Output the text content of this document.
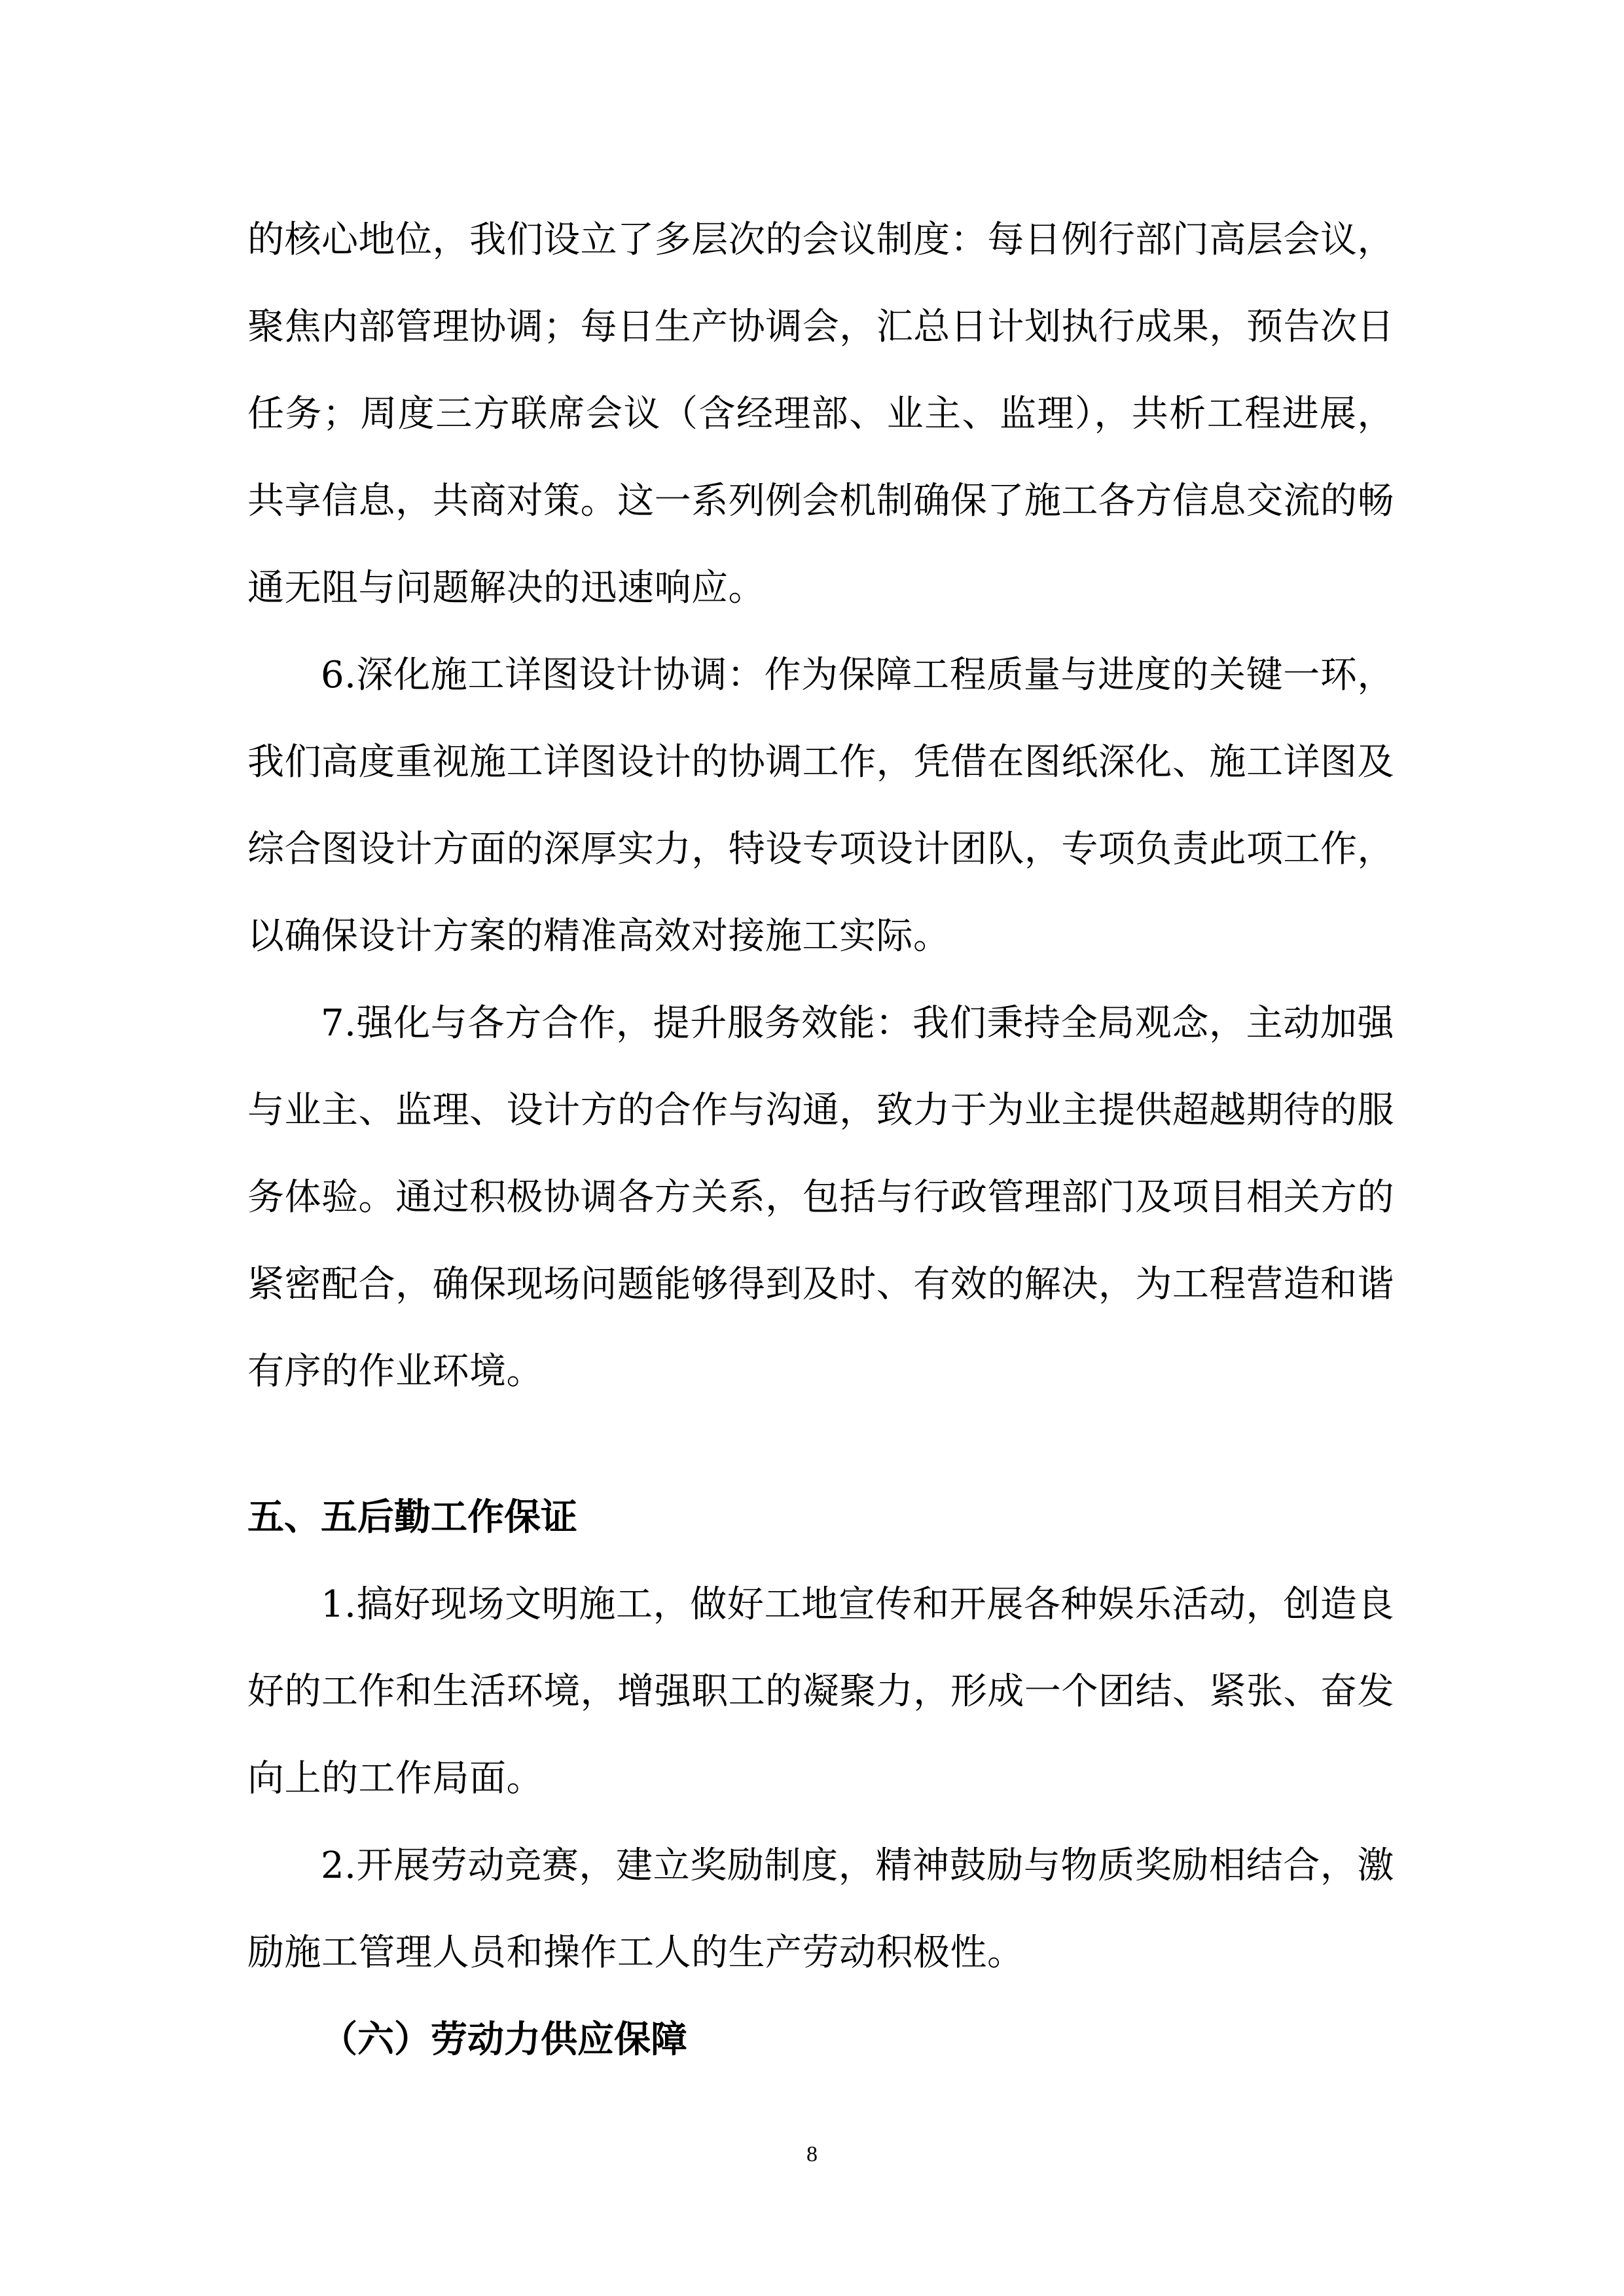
的核心地位，我们设立了多层次的会议制度：每日例行部门高层会议，聚焦内部管理协调；每日生产协调会，汇总日计划执行成果，预告次日任务；周度三方联席会议（含经理部、业主、监理），共析工程进展，共享信息，共商对策。这一系列例会机制确保了施工各方信息交流的畅通无阻与问题解决的迅速响应。

6.深化施工详图设计协调：作为保障工程质量与进度的关键一环，我们高度重视施工详图设计的协调工作，凭借在图纸深化、施工详图及综合图设计方面的深厚实力，特设专项设计团队，专项负责此项工作，以确保设计方案的精准高效对接施工实际。

7.强化与各方合作，提升服务效能：我们秉持全局观念，主动加强与业主、监理、设计方的合作与沟通，致力于为业主提供超越期待的服务体验。通过积极协调各方关系，包括与行政管理部门及项目相关方的紧密配合，确保现场问题能够得到及时、有效的解决，为工程营造和谐有序的作业环境。

五、五后勤工作保证

1.搞好现场文明施工，做好工地宣传和开展各种娱乐活动，创造良好的工作和生活环境，增强职工的凝聚力，形成一个团结、紧张、奋发向上的工作局面。

2.开展劳动竞赛，建立奖励制度，精神鼓励与物质奖励相结合，激励施工管理人员和操作工人的生产劳动积极性。

（六）劳动力供应保障
8
